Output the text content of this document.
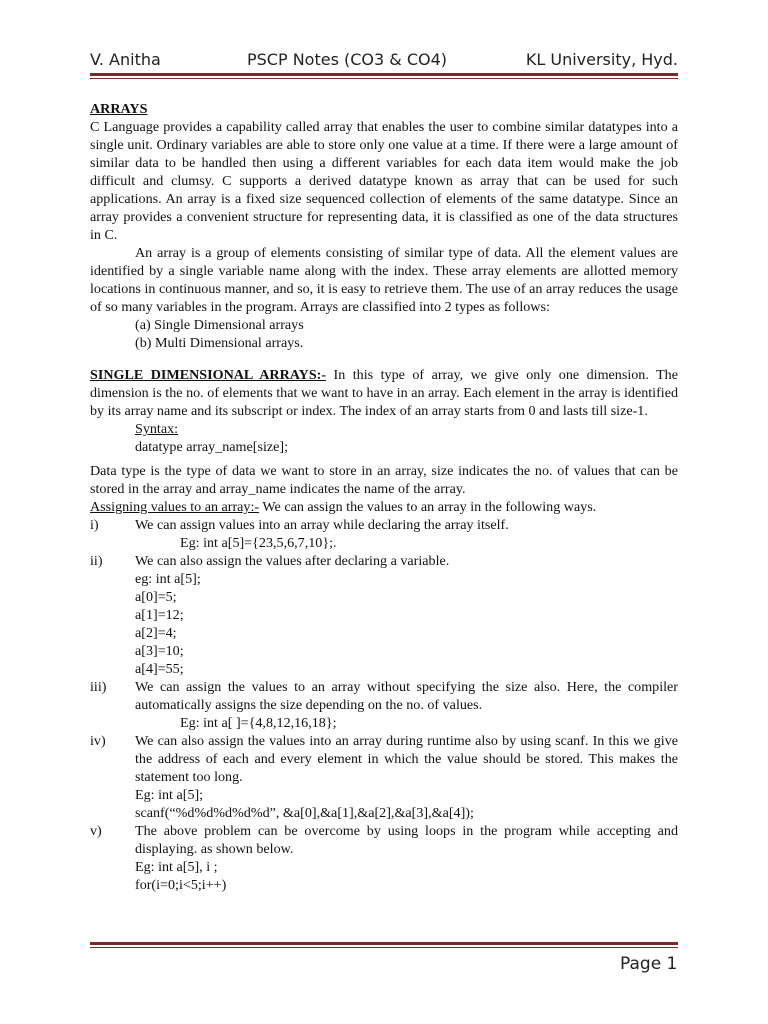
V. Anitha	PSCP Notes (CO3 & CO4)	KL University, Hyd.

ARRAYS

C Language provides a capability called array that enables the user to combine similar datatypes into a single unit. Ordinary variables are able to store only one value at a time. If there were a large amount of similar data to be handled then using a different variables for each data item would make the job difficult and clumsy. C supports a derived datatype known as array that can be used for such applications. An array is a fixed size sequenced collection of elements of the same datatype. Since an array provides a convenient structure for representing data, it is classified as one of the data structures in C.

An array is a group of elements consisting of similar type of data. All the element values are identified by a single variable name along with the index. These array elements are allotted memory locations in continuous manner, and so, it is easy to retrieve them. The use of an array reduces the usage of so many variables in the program. Arrays are classified into 2 types as follows:

(a) Single Dimensional arrays

(b) Multi Dimensional arrays.

SINGLE DIMENSIONAL ARRAYS:- In this type of array, we give only one dimension. The dimension is the no. of elements that we want to have in an array. Each element in the array is identified by its array name and its subscript or index. The index of an array starts from 0 and lasts till size-1.

Syntax:

datatype array_name[size];

Data type is the type of data we want to store in an array, size indicates the no. of values that can be stored in the array and array_name indicates the name of the array.

Assigning values to an array:- We can assign the values to an array in the following ways.

i)	We can assign values into an array while declaring the array itself.

Eg: int a[5]={23,5,6,7,10};.

ii) We can also assign the values after declaring a variable.

eg: int a[5];

a[0]=5;

a[1]=12;

a[2]=4;

a[3]=10;

a[4]=55;

iii) We can assign the values to an array without specifying the size also. Here, the compiler automatically assigns the size depending on the no. of values.

Eg: int a[ ]={4,8,12,16,18};

iv) We can also assign the values into an array during runtime also by using scanf. In this we give the address of each and every element in which the value should be stored. This makes the statement too long.

Eg: int a[5];

scanf(“%d%d%d%d%d”, &a[0],&a[1],&a[2],&a[3],&a[4]);

v) The above problem can be overcome by using loops in the program while accepting and displaying. as shown below.

Eg: int a[5], i ;

for(i=0;i<5;i++)

Page 1
